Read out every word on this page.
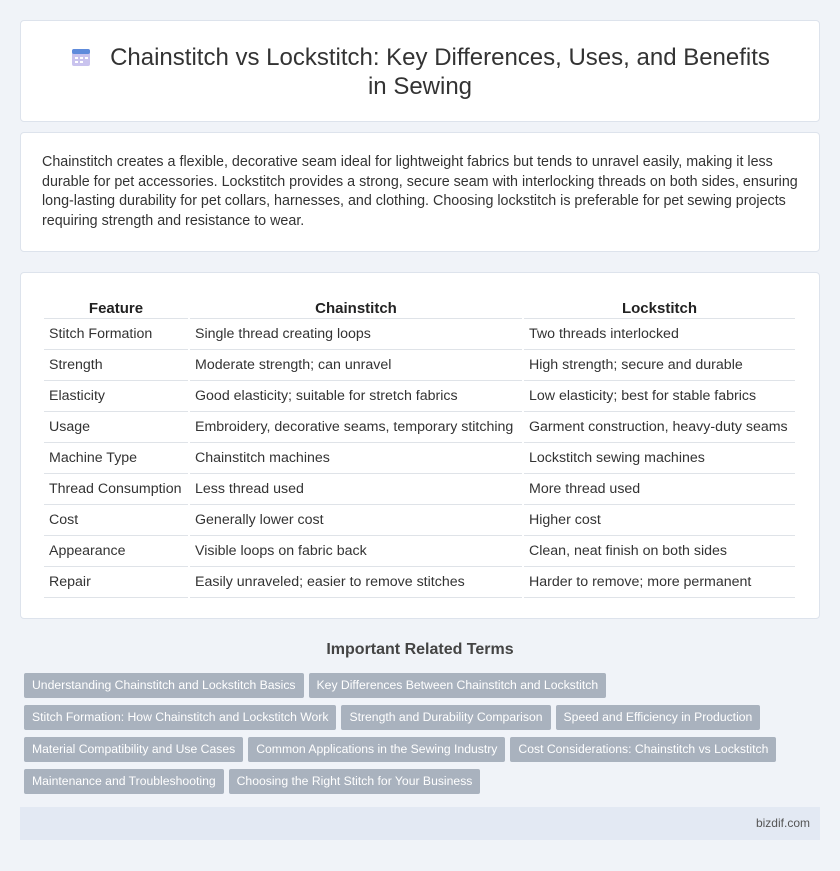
Chainstitch vs Lockstitch: Key Differences, Uses, and Benefits in Sewing

Chainstitch creates a flexible, decorative seam ideal for lightweight fabrics but tends to unravel easily, making it less durable for pet accessories. Lockstitch provides a strong, secure seam with interlocking threads on both sides, ensuring long-lasting durability for pet collars, harnesses, and clothing. Choosing lockstitch is preferable for pet sewing projects requiring strength and resistance to wear.

Feature	Chainstitch	Lockstitch
Stitch Formation	Single thread creating loops	Two threads interlocked
Strength	Moderate strength; can unravel	High strength; secure and durable
Elasticity	Good elasticity; suitable for stretch fabrics	Low elasticity; best for stable fabrics
Usage	Embroidery, decorative seams, temporary stitching	Garment construction, heavy-duty seams
Machine Type	Chainstitch machines	Lockstitch sewing machines
Thread Consumption	Less thread used	More thread used
Cost	Generally lower cost	Higher cost
Appearance	Visible loops on fabric back	Clean, neat finish on both sides
Repair	Easily unraveled; easier to remove stitches	Harder to remove; more permanent
Important Related Terms
Understanding Chainstitch and Lockstitch Basics Key Differences Between Chainstitch and Lockstitch
Stitch Formation: How Chainstitch and Lockstitch Work Strength and Durability Comparison Speed and Efficiency in Production
Material Compatibility and Use Cases Common Applications in the Sewing Industry Cost Considerations: Chainstitch vs Lockstitch
Maintenance and Troubleshooting Choosing the Right Stitch for Your Business
bizdif.com
